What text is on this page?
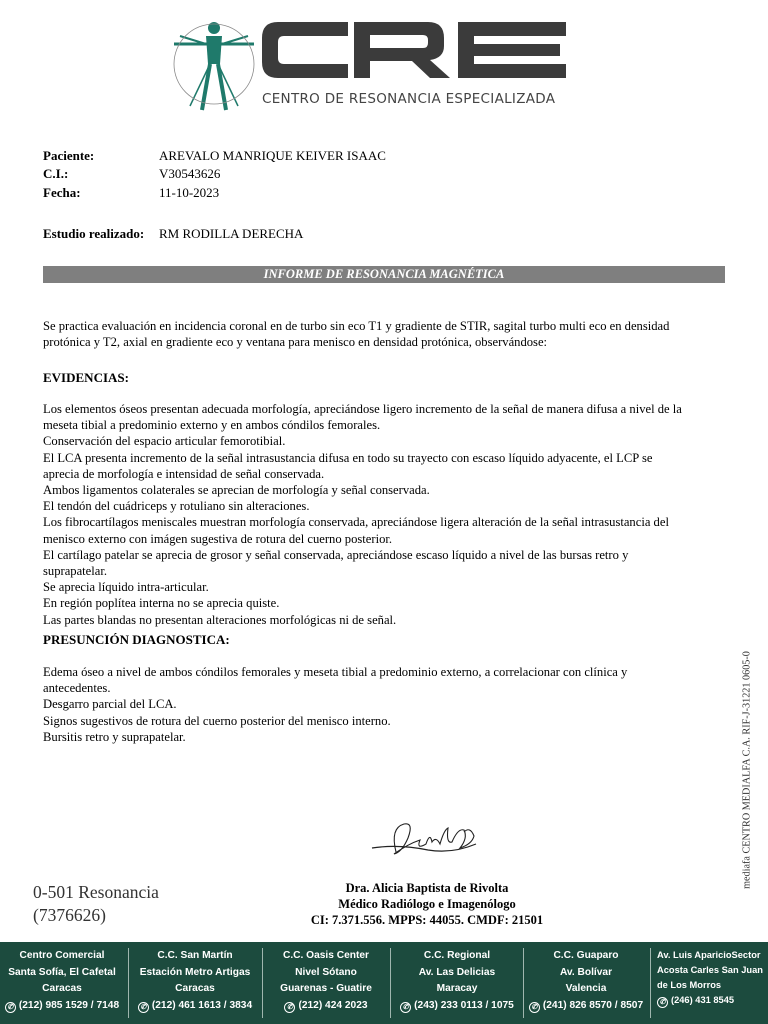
CENTRO DE RESONANCIA ESPECIALIZADA
Paciente:	AREVALO MANRIQUE KEIVER ISAAC
C.I.:	V30543626
Fecha:	11-10-2023
Estudio realizado: RM RODILLA DERECHA
INFORME DE RESONANCIA MAGNÉTICA
Se practica evaluación en incidencia coronal en de turbo sin eco T1 y gradiente de STIR, sagital turbo multi eco en densidad
protónica y T2, axial en gradiente eco y ventana para menisco en densidad protónica, observándose:
EVIDENCIAS:
Los elementos óseos presentan adecuada morfología, apreciándose ligero incremento de la señal de manera difusa a nivel de la
meseta tibial a predominio externo y en ambos cóndilos femorales.
Conservación del espacio articular femorotibial.
El LCA presenta incremento de la señal intrasustancia difusa en todo su trayecto con escaso líquido adyacente, el LCP se
aprecia de morfología e intensidad de señal conservada.
Ambos ligamentos colaterales se aprecian de morfología y señal conservada.
El tendón del cuádriceps y rotuliano sin alteraciones.
Los fibrocartílagos meniscales muestran morfología conservada, apreciándose ligera alteración de la señal intrasustancia del
menisco externo con imágen sugestiva de rotura del cuerno posterior.
El cartílago patelar se aprecia de grosor y señal conservada, apreciándose escaso líquido a nivel de las bursas retro y
suprapatelar.
Se aprecia líquido intra-articular.
En región poplítea interna no se aprecia quiste.
Las partes blandas no presentan alteraciones morfológicas ni de señal.
PRESUNCIÓN DIAGNOSTICA:
Edema óseo a nivel de ambos cóndilos femorales y meseta tibial a predominio externo, a correlacionar con clínica y
antecedentes.
Desgarro parcial del LCA.
Signos sugestivos de rotura del cuerno posterior del menisco interno.
Bursitis retro y suprapatelar.	mediafa CENTRO MEDIALFA C.A. RIF-J-31221 0605-0
0-501 Resonancia
(7376626)
Dra. Alicia Baptista de Rivolta
Médico Radiólogo e Imagenólogo
CI: 7.371.556. MPPS: 44055. CMDF: 21501
Centro Comercial
Santa Sofía, El Cafetal
Caracas
✆ (212) 985 1529 / 7148
C.C. San Martín
Estación Metro Artigas
Caracas
✆ (212) 461 1613 / 3834
C.C. Oasis Center
Nivel Sótano
Guarenas - Guatire
✆ (212) 424 2023
C.C. Regional
Av. Las Delicias
Maracay
✆ (243) 233 0113 / 1075
C.C. Guaparo
Av. Bolívar
Valencia
✆ (241) 826 8570 / 8507
Av. Luis AparicioSector
Acosta Carles San Juan
de Los Morros
✆ (246) 431 8545
